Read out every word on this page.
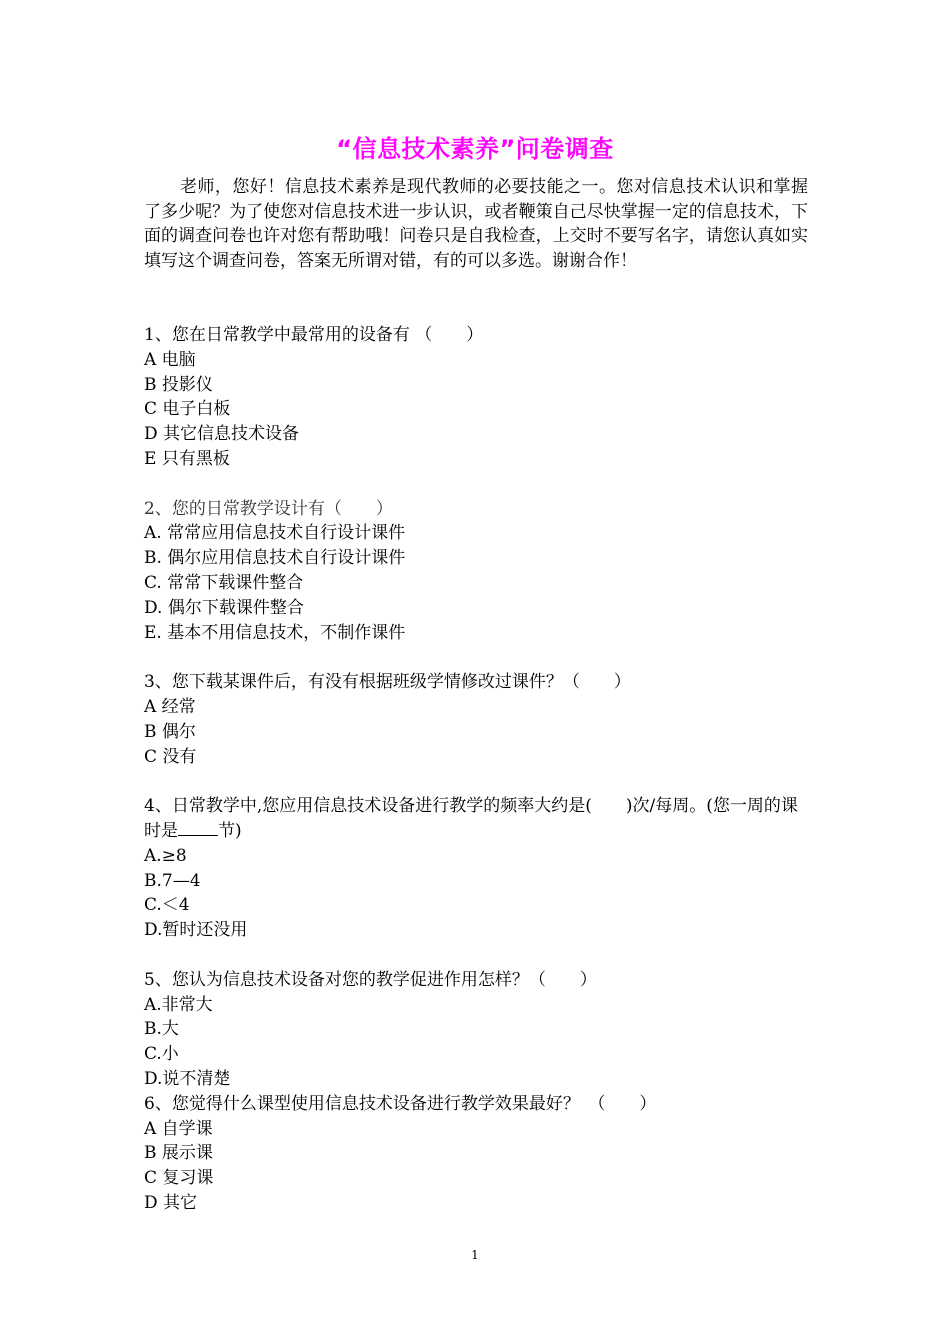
“信息技术素养”问卷调查
老师，您好！信息技术素养是现代教师的必要技能之一。您对信息技术认识和掌握了多少呢？为了使您对信息技术进一步认识，或者鞭策自己尽快掌握一定的信息技术，下面的调查问卷也许对您有帮助哦！问卷只是自我检查，上交时不要写名字，请您认真如实填写这个调查问卷，答案无所谓对错，有的可以多选。谢谢合作！
1、您在日常教学中最常用的设备有 （　　）
A 电脑
B 投影仪
C 电子白板
D 其它信息技术设备
E 只有黑板
2、您的日常教学设计有（　　）
A. 常常应用信息技术自行设计课件
B. 偶尔应用信息技术自行设计课件
C. 常常下载课件整合
D. 偶尔下载课件整合
E. 基本不用信息技术，不制作课件
3、您下载某课件后，有没有根据班级学情修改过课件？（　　）
A 经常
B 偶尔
C 没有
4、日常教学中,您应用信息技术设备进行教学的频率大约是(　　)次/每周。(您一周的课时是 节)
A.≥8
B.7—4
C.＜4
D.暂时还没用
5、您认为信息技术设备对您的教学促进作用怎样？（　　）
A.非常大
B.大
C.小
D.说不清楚
6、您觉得什么课型使用信息技术设备进行教学效果最好？　（　　）
A 自学课
B 展示课
C 复习课
D 其它
1
